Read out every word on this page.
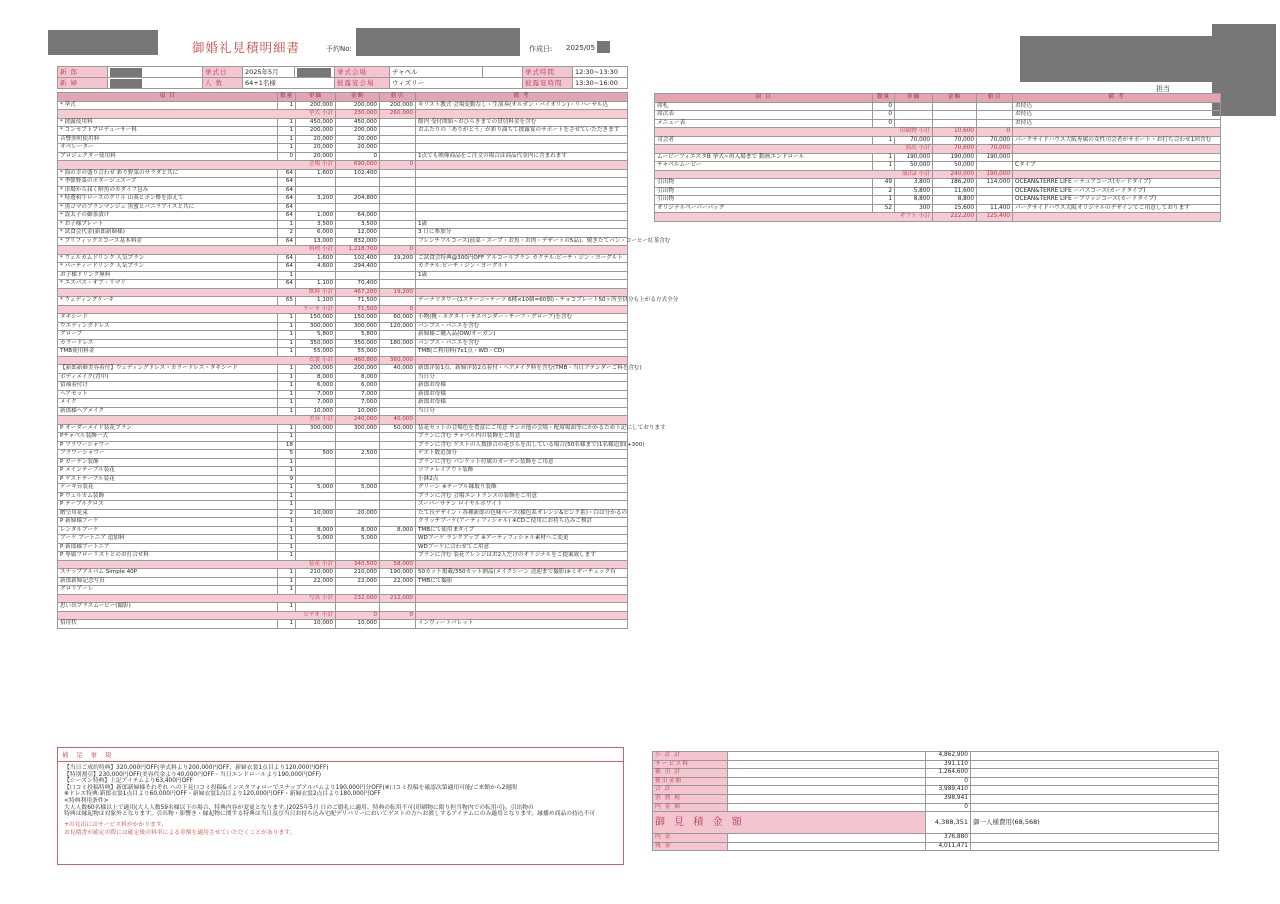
御婚礼見積明細書	予約No:	作成日: 2025/05
担当
新 郎		挙式日	2025年5月		挙式会場	チャペル		挙式時間	12:30~13:30
新 婦		人 数	64+1名様		披露宴会場	ウィズリー		披露宴時間	13:30~16:00
項 目	数量	単価	金額	値引	備 考
* 挙式	1	200,000	200,000	200,000	キリスト教式 会場変動なし・生演奏(オルガン・バイオリン)・リハーサル込
挙式 小計			230,000	260,000	
* 披露使用料	1	450,000	450,000		館内 受付開始~おひらきまでの貸切料金を含む
* コンセプトプロデューサー料	1	200,000	200,000		おふたりの「ありがとう」が彩り満ちて披露宴のサポートをさせていただきます
音響照明使用料	1	20,000	20,000		
オペレーター	1	20,000	20,000		
プロジェクター使用料	0	20,000	0		1点でも映像商品をご注文の場合は商品代金内に含まれます
会場 小計			690,000	0	
* 海の幸の盛り合わせ 彩り野菜のサラダと共に	64	1,600	102,400		
* 季節野菜のポタージュスープ	64				
* 市場から届く鮮魚のカダイフ包み	64				
* 特選和牛ロースのグリル 山葵とポン酢を添えて	64	3,200	204,800		
* 黒ゴマのブランマンジェ 黒蜜とバニラアイスと共に	64				
* 誤太子の御茶漬け	64	1,000	64,000		
* お子様プレート	1	3,500	3,500		1歳
* 試食会代金(新郎新婦様)	2	6,000	12,000		3 日に参加分
* プリフィックスコース基本料金	64	13,000	832,000		フレンチフルコース(前菜・スープ・お魚・お肉・デザートの5品)、焼きたてパン・コーヒー紅茶含む
料理 小計			1,218,700	0	
* ウェルカムドリンク 人気プラン	64	1,600	102,400	19,200	ご試食会特典@300円OFF アルコールプラン カクテル:ピーチ・ジン・ヨーグルト
* パーティードリンク 人気プラン	64	4,600	294,400		カクテル:ピーチ・ジン・ヨーグルト
お子様ドリンク無料	1				1歳
* エスパス・オブ・リマリ	64	1,100	70,400		
飲料 小計			467,200	19,200	
* ウェディングケーキ	65	1,100	71,500		デーナツタワー(1ステージ~テーツ 6種×10個=60個)・チョコプレート50ヶ所全員分も上がる方式全分
ケーキ 小計			71,500	0	
タキシード	1	150,000	150,000	60,000	小物(靴・ネクタイ・サスペンダー・チーフ・グローブ)を含む
ウエディングドレス	1	300,000	300,000	120,000	パンプス・パニエを含む
グローブ	1	5,800	5,800		新婦様ご購入品(OW/オーガン)
カラードレス	1	350,000	350,000	180,000	パンプス・パニエを含む
TMB使用料金	1	55,000	55,000		TMB(ご利用料(7x1点・WD・CD)
衣裳 小計			460,800	360,000	
【新郎新婦美容着付】ウェディングドレス・カラードレス・タキシード	1	200,000	200,000	40,000	新郎洋装1点、新婦洋装2点着付・ヘアメイク料を含む(TMB・当日アテンダーご料を含む)
ボディメイク(背中)	1	8,000	8,000		当日分
留袖着付け	1	6,000	6,000		新郎お母様
ヘアセット	1	7,000	7,000		新郎お母様
メイク	1	7,000	7,000		新郎お母様
新郎様ヘアメイク	1	10,000	10,000		当日分
美容 小計			240,000	40,000	
P オーダーメイド装花プラン	1	300,000	300,000	50,000	装花セットの会場色を豊富にご用意 テンポ他の会場・配席場面等にかかるため下記にしております
Pチャペル装飾一式	1				プランに含む チャペル内の装飾をご用意
P フラワーシャワー	18				プランに含む ゲストの人数掛合の花びらを出している場合(50名様まで)1名様追加(+300)
フラワーシャワー	5	500	2,500		ゲスト数追加分
P ガーデン装飾	1				プランに含む パンケット付属のガーデン装飾をご用意
P メインテーブル装花	1				ソファレイアウト装飾
P ゲストテーブル装花	9				小鉢2点
ケーキ台装花	1	5,000	5,000		グリーン ※テーブル縁取り装飾
P ウェルカム装飾	1				プランに含む 会場エントランスの装飾をご用意
P テーブルクロス	1				スーパーサテン ロイヤルホワイト
贈呈用花束	2	10,000	20,000		たて長デザイン・各種新郎の色味ベース(様色系オレンジ&ピンク系)・白は分かるの
P 新婦様ブーケ	1				クラッチブーケ(アーティフィシャル) ※CDご使用にお持ち込みご検討
レンタルブーケ	1	8,000	8,000	8,000	TMBにて使用 Eタイプ
ブーケ ブートニア 追加料	1	5,000	5,000		WDブーケ ランクアップ ※アーティフィシャル素材へご変更
P 新郎様ブートニア	1				WDブーケに合わせてご用意
P 専属フローリストとのお打合せ料	1				プランに含む 装花アレンジはお2人だけのオリジナルをご提案致します
装花 小計			340,500	58,000	
スナップアルバム Simple 40P	1	210,000	210,000	190,000	50カット掲載/350カット納品(メイクシーン 送迎まで撮影)※ミギーチェック有
新郎新婦記念写真	1	22,000	22,000	22,000	TMBにて撮影
グロリアーレ	1				
写真 小計			232,000	212,000	
思い出プラスムービー(撮影)	1				
ビデオ 小計			0	0	
招待状	1	10,000	10,000		インヴィートパレット
項 目	数量	単価	金額	値引	備 考
席札	0				お持込
席次表	0				お持込
メニュー表	0				お持込
印刷物 小計			10,600	0	
司会者	1	70,000	70,000	70,000	パークサイドハウス大阪専属の女性司会者がサポート・お打ち合わせ1回含む
演出 小計			70,600	70,000	
ムービーフィエスタB 挙式~再入場まで 動画エンドロール	1	190,000	190,000	190,000	
チャペルムービー	1	50,000	50,000		Cタイプ
演出2 小計			240,000	190,000	
引出物	49	3,800	186,200	114,000	OCEAN&TERRE LIFE ーテュアコース(カードタイプ)
引出物	2	5,800	11,600		OCEAN&TERRE LIFE ーパスコース(カードタイプ)
引出物	1	8,800	8,800		OCEAN&TERRE LIFE ーブリッジコース(カードタイプ)
オリジナルペーパーバッグ	52	300	15,600	11,400	パークサイドハウス大阪オリジナルのデザインでご用意しております
ギフト 小計			222,200	125,400	
補 足 事 項
【当日ご成約特典】320,000円OFF(挙式料より200,000円OFF、新婦衣裳1点目より120,000円OFF)
【特別割引】230,000円OFF(美容代金より40,000円OFF・当日エンドロールより190,000円OFF)
【シーズン特典】上記アイテムより63,400円OFF
【口コミ投稿特典】新郎新婦様それぞれ への下見口コミ投稿&インスタフォローでスナップアルバムより190,000円分OFF(※口コミ投稿を確認次第適用可能/ご来館から2週間
※ドレス特典:新郎衣裳1点目より60,000円OFF・新婦衣裳1点目より120,000円OFF・新婦衣裳2点目より180,000円OFF
<特典利用条件>
大人人数60名様以上で適用(大人人数59名様以下の場合、特典内容が変更となります。)2025年5月 日のご婚礼に適用。特典の転用不可(印刷物に限り担当物内での転用可)。引出物の
特典は縁起物は対象外となります。引出物・影響き・縁起物に関する特典は当日及び当日お持ち込み宅配デリバリーにおいてゲストの方へお渡しするアイテムにのみ適用となります。縁播め商品の持込不可
+の見出にはサービス料がかかります。
お見積書が確定の際には確定後の料率による金額を適用させていただくことがあります。
小 計 計		4,862,900	
サービス料		391,110	
値 引 計		1,264,600	
値引金額		0	
合 計		3,989,410	
消 費 税		398,941	
内 金 額		0	
御 見 積 金 額		4,388,351	御一人様費用(68,568)
内 金		376,880	
残 金		4,011,471	
